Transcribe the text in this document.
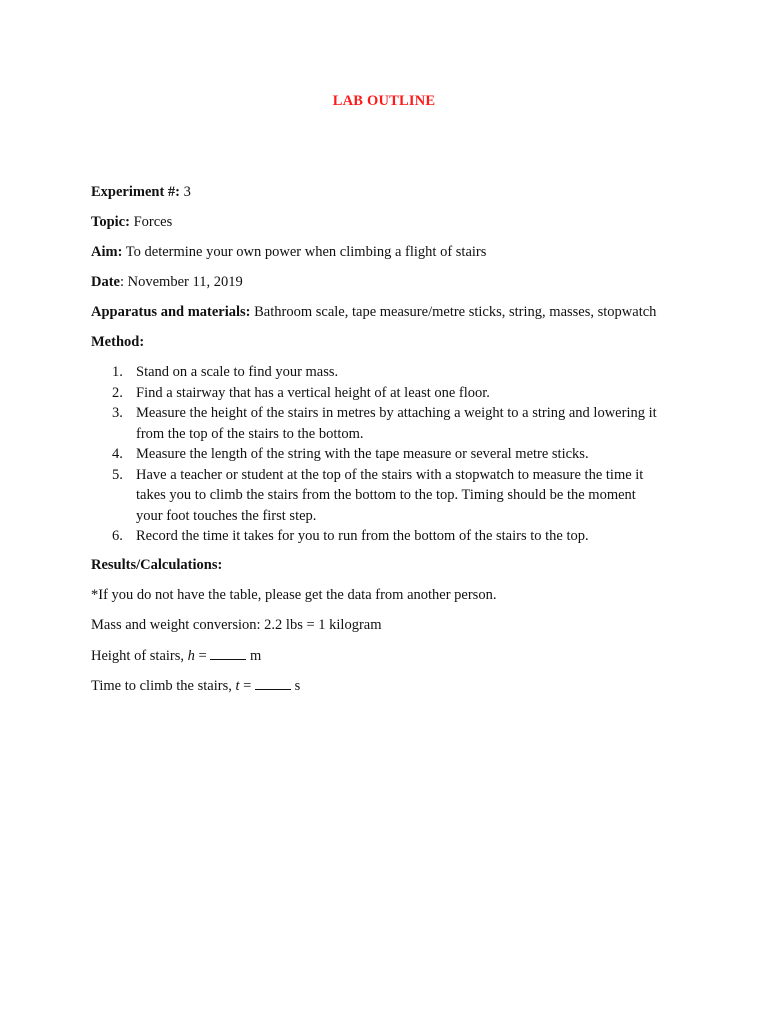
LAB OUTLINE
Experiment #: 3
Topic: Forces
Aim: To determine your own power when climbing a flight of stairs
Date: November 11, 2019
Apparatus and materials: Bathroom scale, tape measure/metre sticks, string, masses, stopwatch
Method:
1. Stand on a scale to find your mass.
2. Find a stairway that has a vertical height of at least one floor.
3. Measure the height of the stairs in metres by attaching a weight to a string and lowering it
from the top of the stairs to the bottom.
4. Measure the length of the string with the tape measure or several metre sticks.
5. Have a teacher or student at the top of the stairs with a stopwatch to measure the time it
takes you to climb the stairs from the bottom to the top. Timing should be the moment
your foot touches the first step.
6. Record the time it takes for you to run from the bottom of the stairs to the top.
Results/Calculations:
*If you do not have the table, please get the data from another person.
Mass and weight conversion: 2.2 lbs = 1 kilogram
Height of stairs, h =  m
Time to climb the stairs, t =  s
